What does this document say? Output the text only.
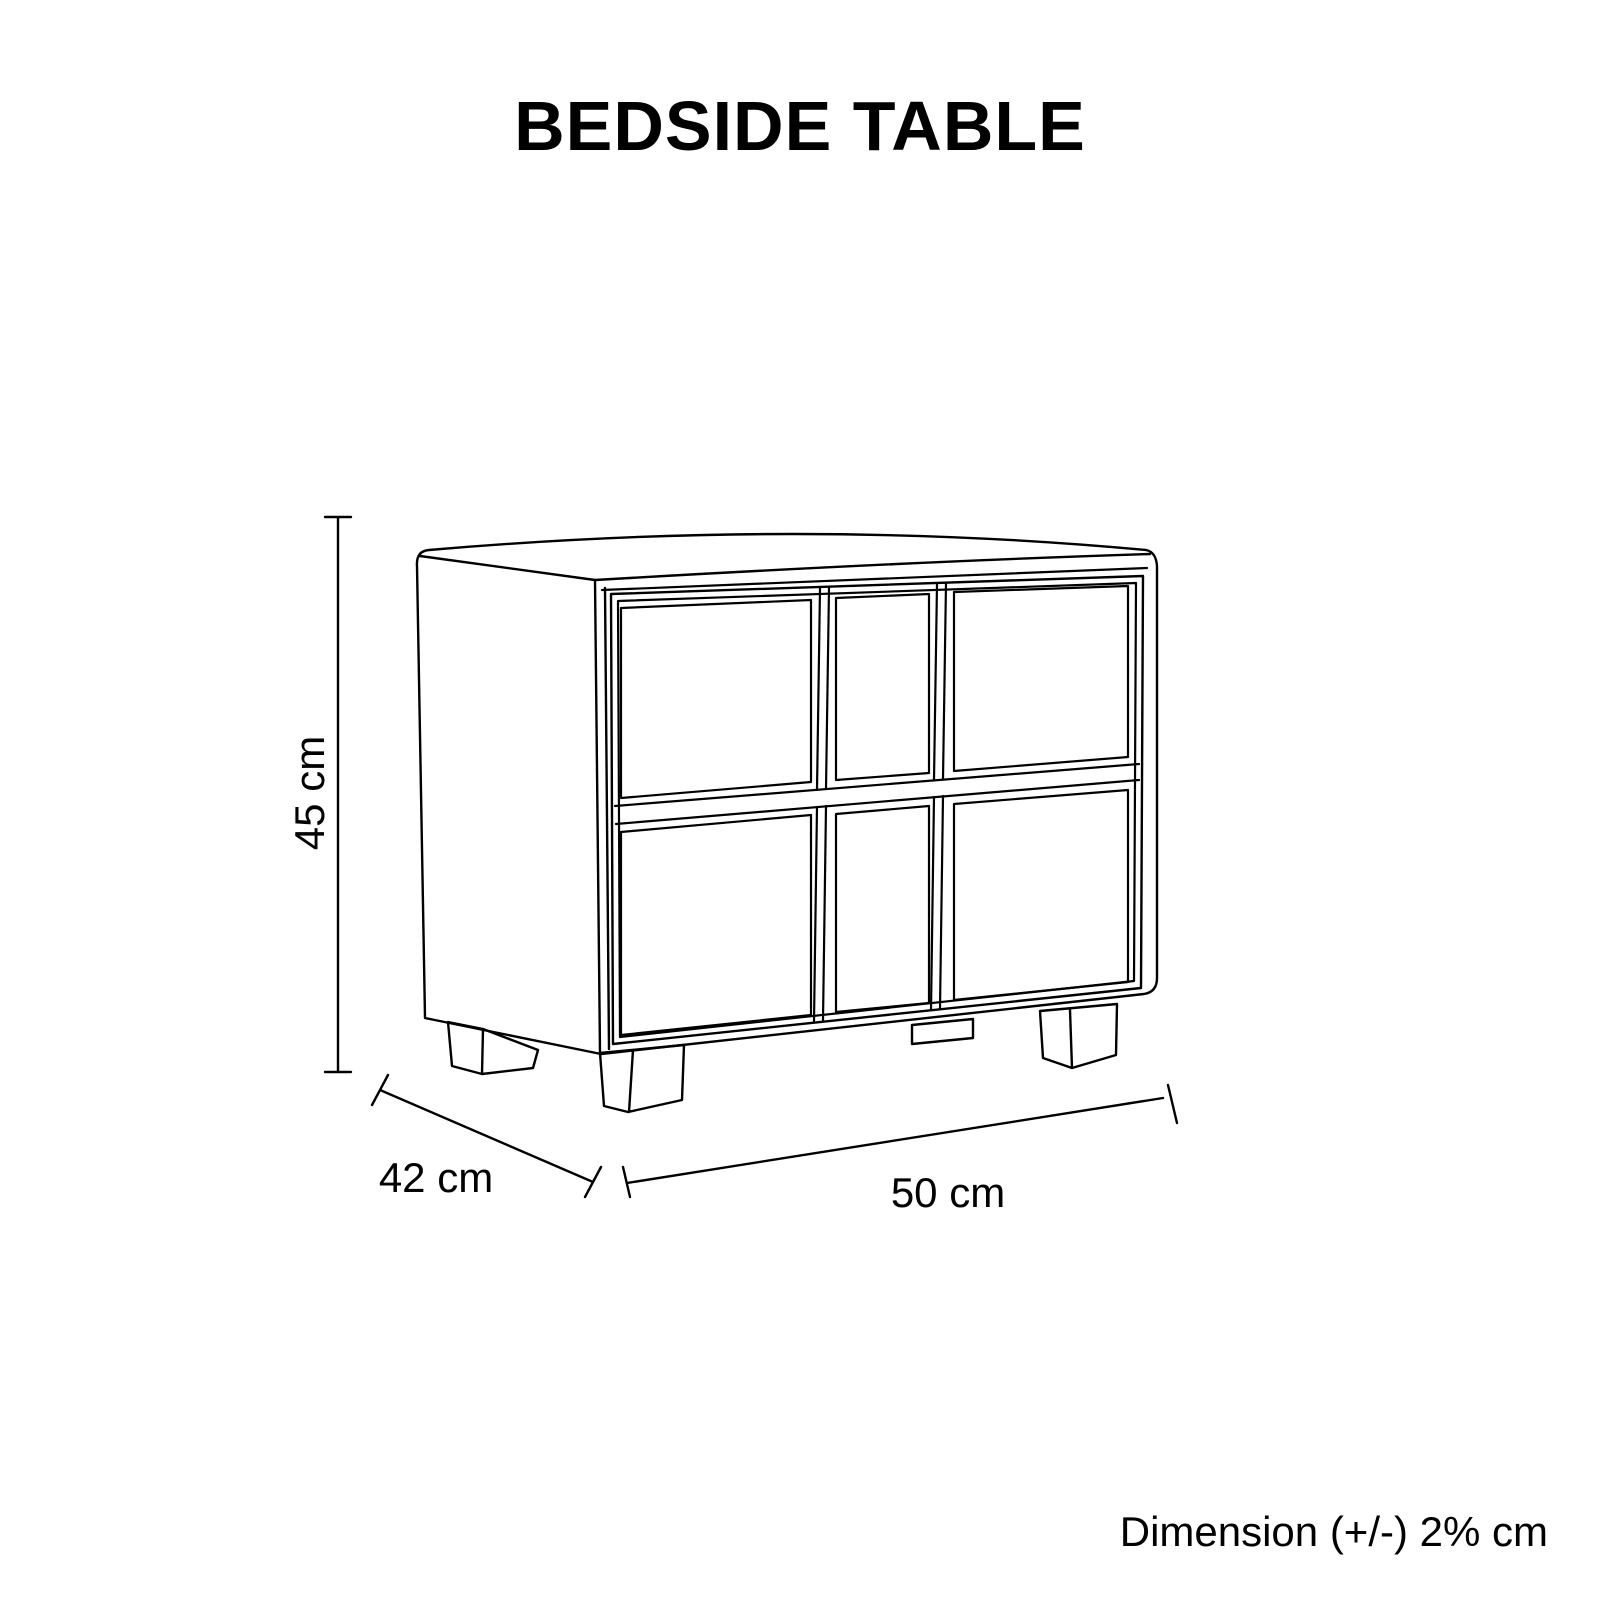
BEDSIDE TABLE
45 cm
42 cm	50 cm
Dimension (+/-) 2% cm
